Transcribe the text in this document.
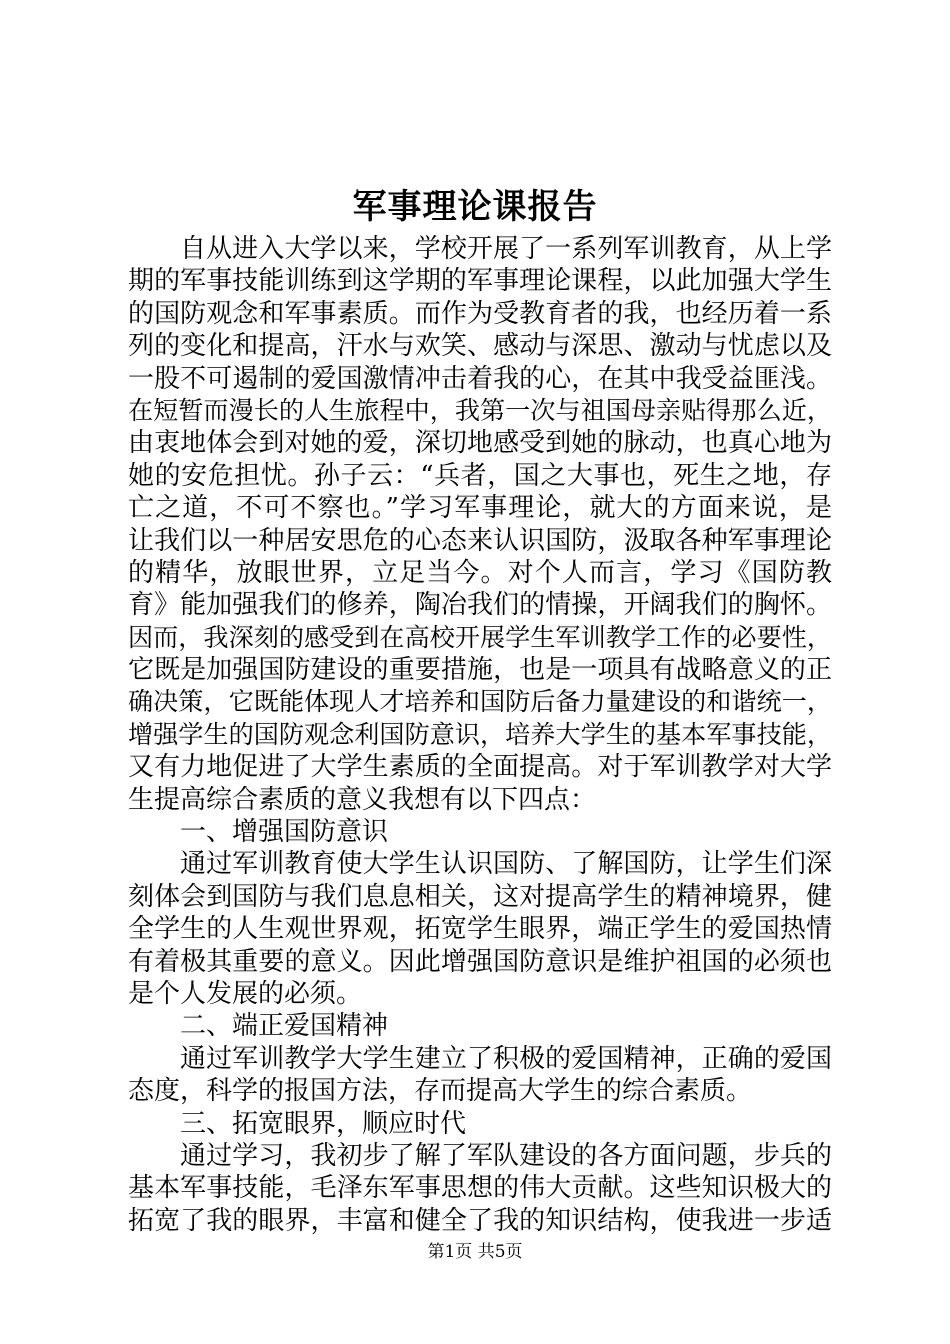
军事理论课报告
自从进入大学以来，学校开展了一系列军训教育，从上学
期的军事技能训练到这学期的军事理论课程，以此加强大学生
的国防观念和军事素质。而作为受教育者的我，也经历着一系
列的变化和提高，汗水与欢笑、感动与深思、激动与忧虑以及
一股不可遏制的爱国激情冲击着我的心，在其中我受益匪浅。
在短暂而漫长的人生旅程中，我第一次与祖国母亲贴得那么近，
由衷地体会到对她的爱，深切地感受到她的脉动，也真心地为
她的安危担忧。孙子云：“兵者，国之大事也，死生之地，存
亡之道，不可不察也。”学习军事理论，就大的方面来说，是
让我们以一种居安思危的心态来认识国防，汲取各种军事理论
的精华，放眼世界，立足当今。对个人而言，学习《国防教
育》能加强我们的修养，陶冶我们的情操，开阔我们的胸怀。
因而，我深刻的感受到在高校开展学生军训教学工作的必要性，
它既是加强国防建设的重要措施，也是一项具有战略意义的正
确决策，它既能体现人才培养和国防后备力量建设的和谐统一，
增强学生的国防观念利国防意识，培养大学生的基本军事技能，
又有力地促进了大学生素质的全面提高。对于军训教学对大学
生提高综合素质的意义我想有以下四点：
一、增强国防意识
通过军训教育使大学生认识国防、了解国防，让学生们深
刻体会到国防与我们息息相关，这对提高学生的精神境界，健
全学生的人生观世界观，拓宽学生眼界，端正学生的爱国热情
有着极其重要的意义。因此增强国防意识是维护祖国的必须也
是个人发展的必须。
二、端正爱国精神
通过军训教学大学生建立了积极的爱国精神，正确的爱国
态度，科学的报国方法，存而提高大学生的综合素质。
三、拓宽眼界，顺应时代
通过学习，我初步了解了军队建设的各方面问题，步兵的
基本军事技能，毛泽东军事思想的伟大贡献。这些知识极大的
拓宽了我的眼界，丰富和健全了我的知识结构，使我进一步适
第1页 共5页
